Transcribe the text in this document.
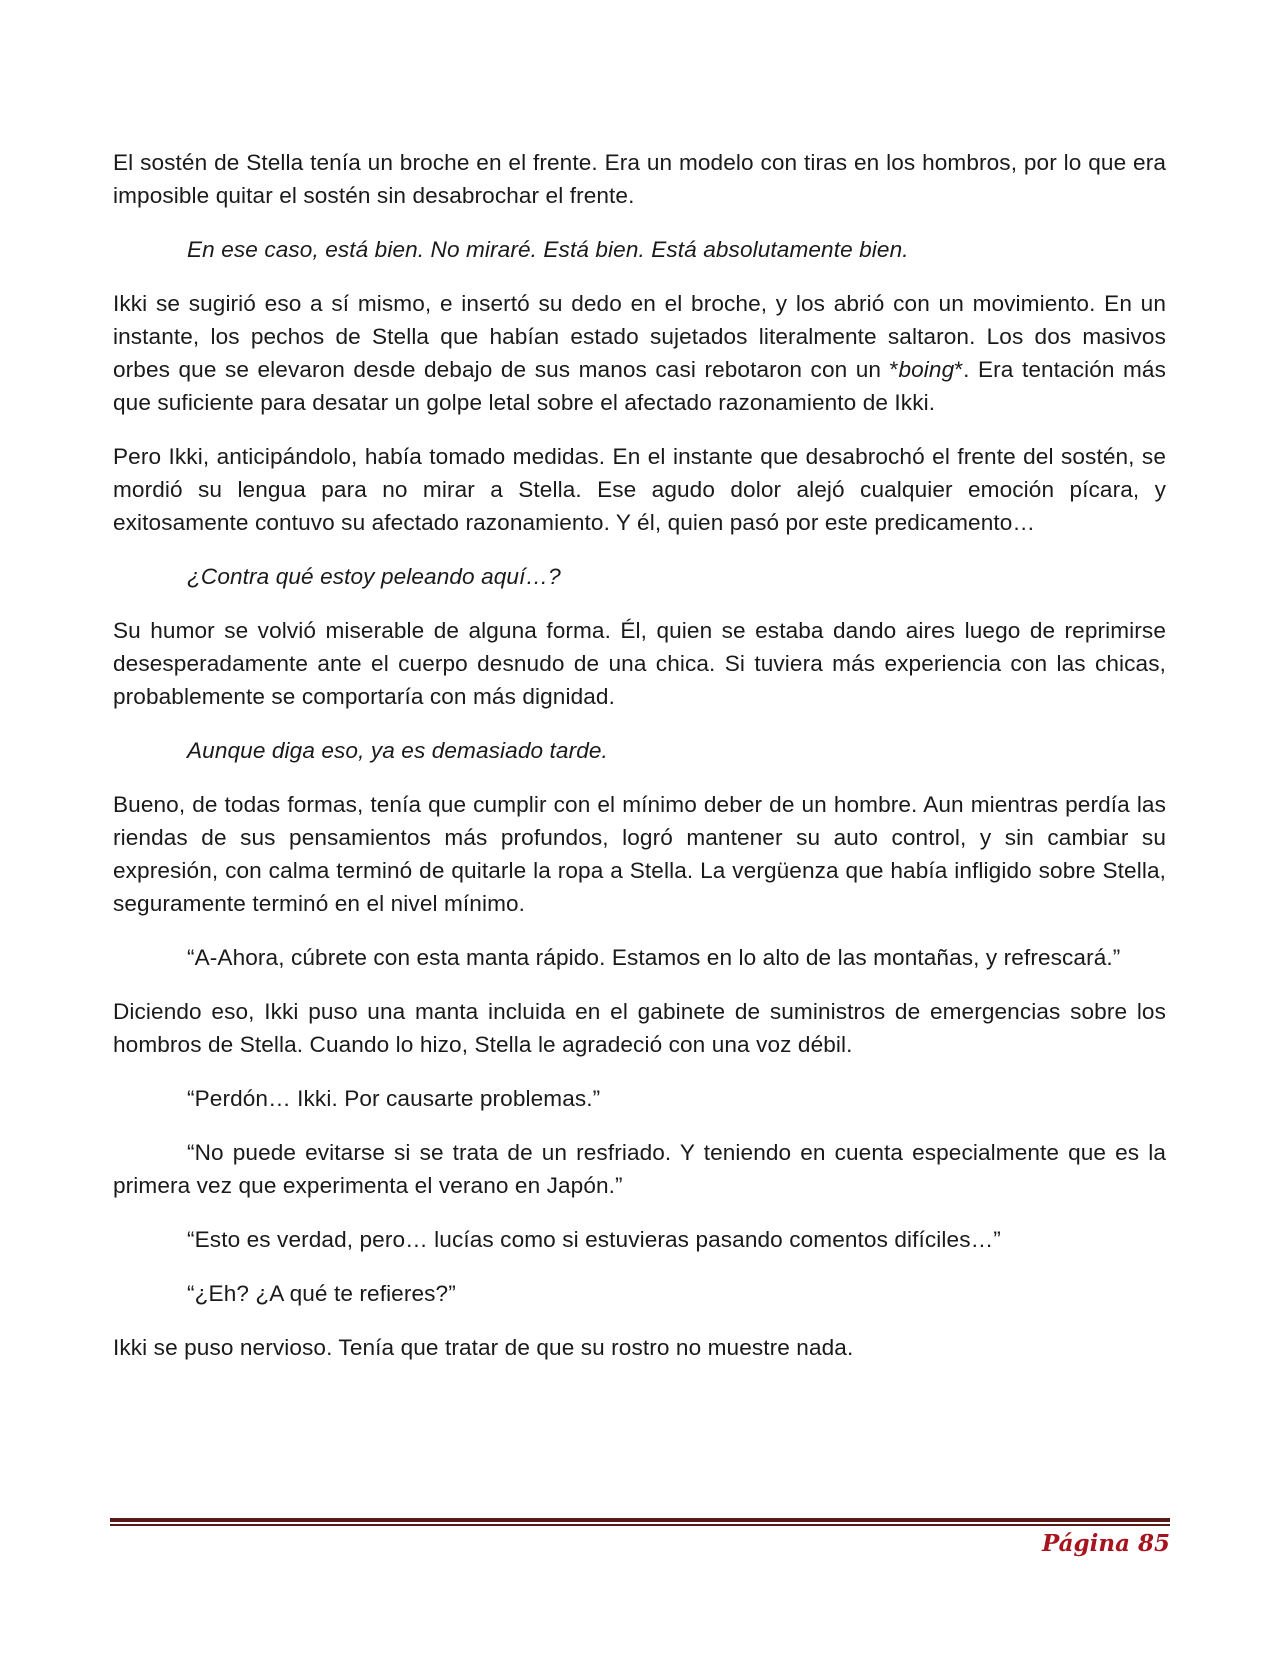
El sostén de Stella tenía un broche en el frente. Era un modelo con tiras en los hombros, por lo que era imposible quitar el sostén sin desabrochar el frente.

En ese caso, está bien. No miraré. Está bien. Está absolutamente bien.

Ikki se sugirió eso a sí mismo, e insertó su dedo en el broche, y los abrió con un movimiento. En un instante, los pechos de Stella que habían estado sujetados literalmente saltaron. Los dos masivos orbes que se elevaron desde debajo de sus manos casi rebotaron con un *boing*. Era tentación más que suficiente para desatar un golpe letal sobre el afectado razonamiento de Ikki.

Pero Ikki, anticipándolo, había tomado medidas. En el instante que desabrochó el frente del sostén, se mordió su lengua para no mirar a Stella. Ese agudo dolor alejó cualquier emoción pícara, y exitosamente contuvo su afectado razonamiento. Y él, quien pasó por este predicamento…

¿Contra qué estoy peleando aquí…?

Su humor se volvió miserable de alguna forma. Él, quien se estaba dando aires luego de reprimirse desesperadamente ante el cuerpo desnudo de una chica. Si tuviera más experiencia con las chicas, probablemente se comportaría con más dignidad.

Aunque diga eso, ya es demasiado tarde.

Bueno, de todas formas, tenía que cumplir con el mínimo deber de un hombre. Aun mientras perdía las riendas de sus pensamientos más profundos, logró mantener su auto control, y sin cambiar su expresión, con calma terminó de quitarle la ropa a Stella. La vergüenza que había infligido sobre Stella, seguramente terminó en el nivel mínimo.

“A-Ahora, cúbrete con esta manta rápido. Estamos en lo alto de las montañas, y refrescará.”

Diciendo eso, Ikki puso una manta incluida en el gabinete de suministros de emergencias sobre los hombros de Stella. Cuando lo hizo, Stella le agradeció con una voz débil.

“Perdón… Ikki. Por causarte problemas.”

“No puede evitarse si se trata de un resfriado. Y teniendo en cuenta especialmente que es la primera vez que experimenta el verano en Japón.”

“Esto es verdad, pero… lucías como si estuvieras pasando comentos difíciles…”

“¿Eh? ¿A qué te refieres?”

Ikki se puso nervioso. Tenía que tratar de que su rostro no muestre nada.

Página 85
